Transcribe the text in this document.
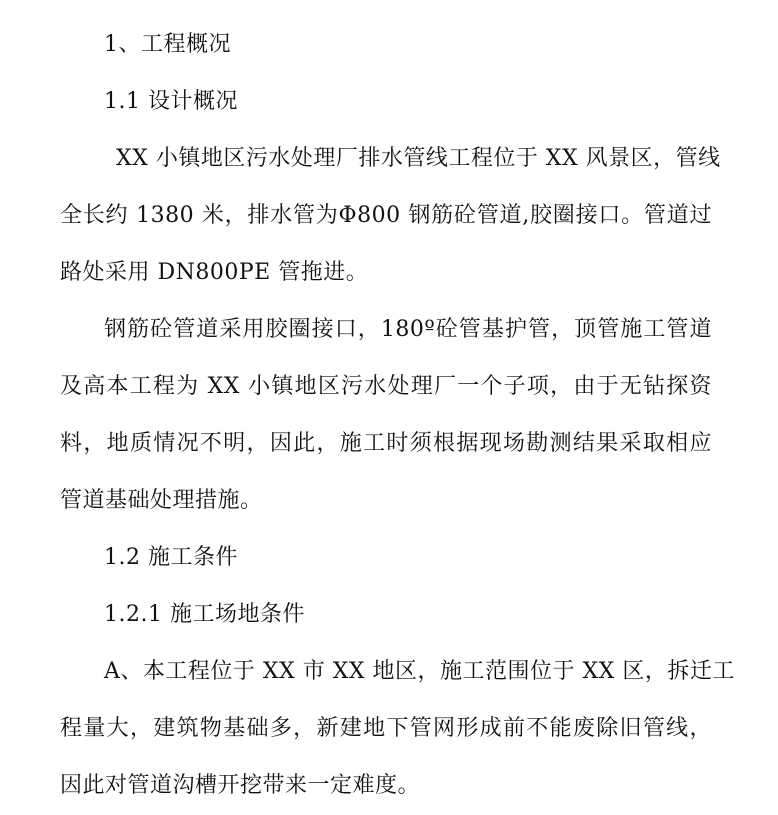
1、工程概况
1.1 设计概况
XX 小镇地区污水处理厂排水管线工程位于 XX 风景区，管线
全长约 1380 米，排水管为Φ800 钢筋砼管道,胶圈接口。管道过
路处采用 DN800PE 管拖进。
钢筋砼管道采用胶圈接口，180º砼管基护管，顶管施工管道
及高本工程为 XX 小镇地区污水处理厂一个子项，由于无钻探资
料，地质情况不明，因此，施工时须根据现场勘测结果采取相应
管道基础处理措施。
1.2 施工条件
1.2.1 施工场地条件
A、本工程位于 XX 市 XX 地区，施工范围位于 XX 区，拆迁工
程量大，建筑物基础多，新建地下管网形成前不能废除旧管线，
因此对管道沟槽开挖带来一定难度。
